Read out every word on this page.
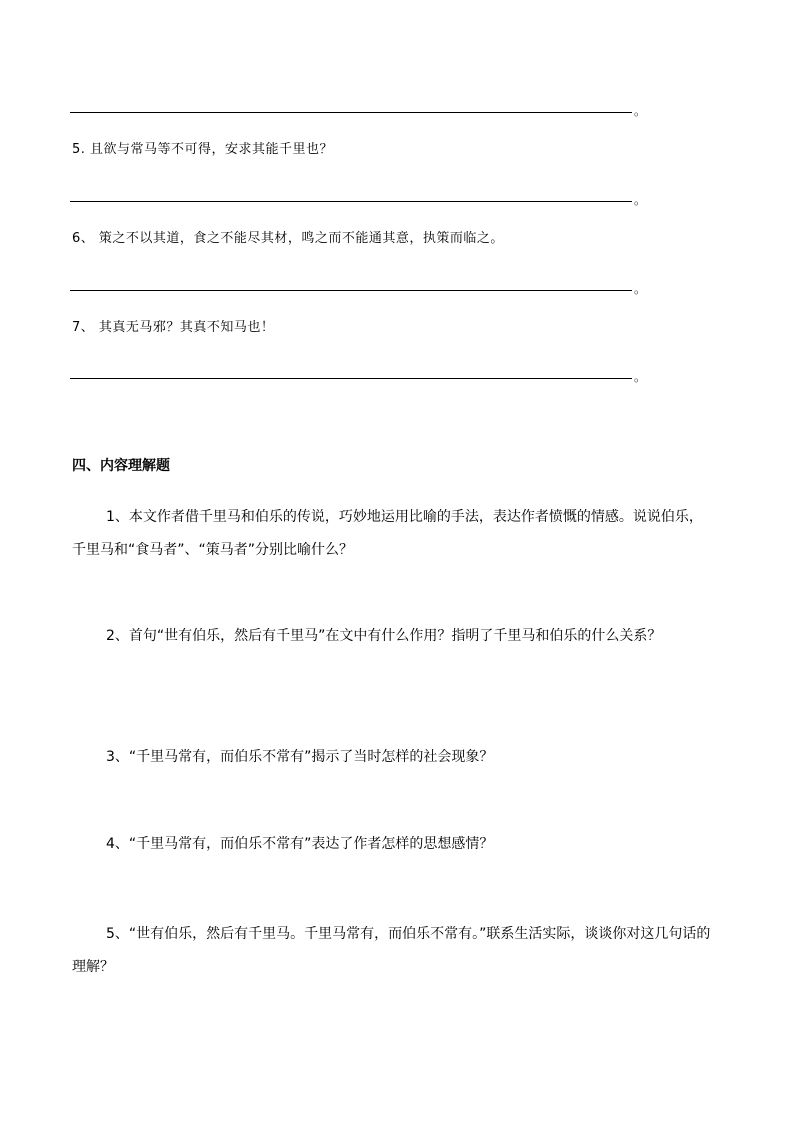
。
5. 且欲与常马等不可得，安求其能千里也？
。
6、 策之不以其道，食之不能尽其材，鸣之而不能通其意，执策而临之。
。
7、 其真无马邪？其真不知马也！
。
四、内容理解题
1、本文作者借千里马和伯乐的传说，巧妙地运用比喻的手法，表达作者愤慨的情感。说说伯乐，千里马和“食马者”、“策马者”分别比喻什么？
2、首句“世有伯乐，然后有千里马”在文中有什么作用？指明了千里马和伯乐的什么关系？
3、“千里马常有，而伯乐不常有”揭示了当时怎样的社会现象？
4、“千里马常有，而伯乐不常有”表达了作者怎样的思想感情？
5、“世有伯乐，然后有千里马。千里马常有，而伯乐不常有。”联系生活实际，谈谈你对这几句话的理解？
